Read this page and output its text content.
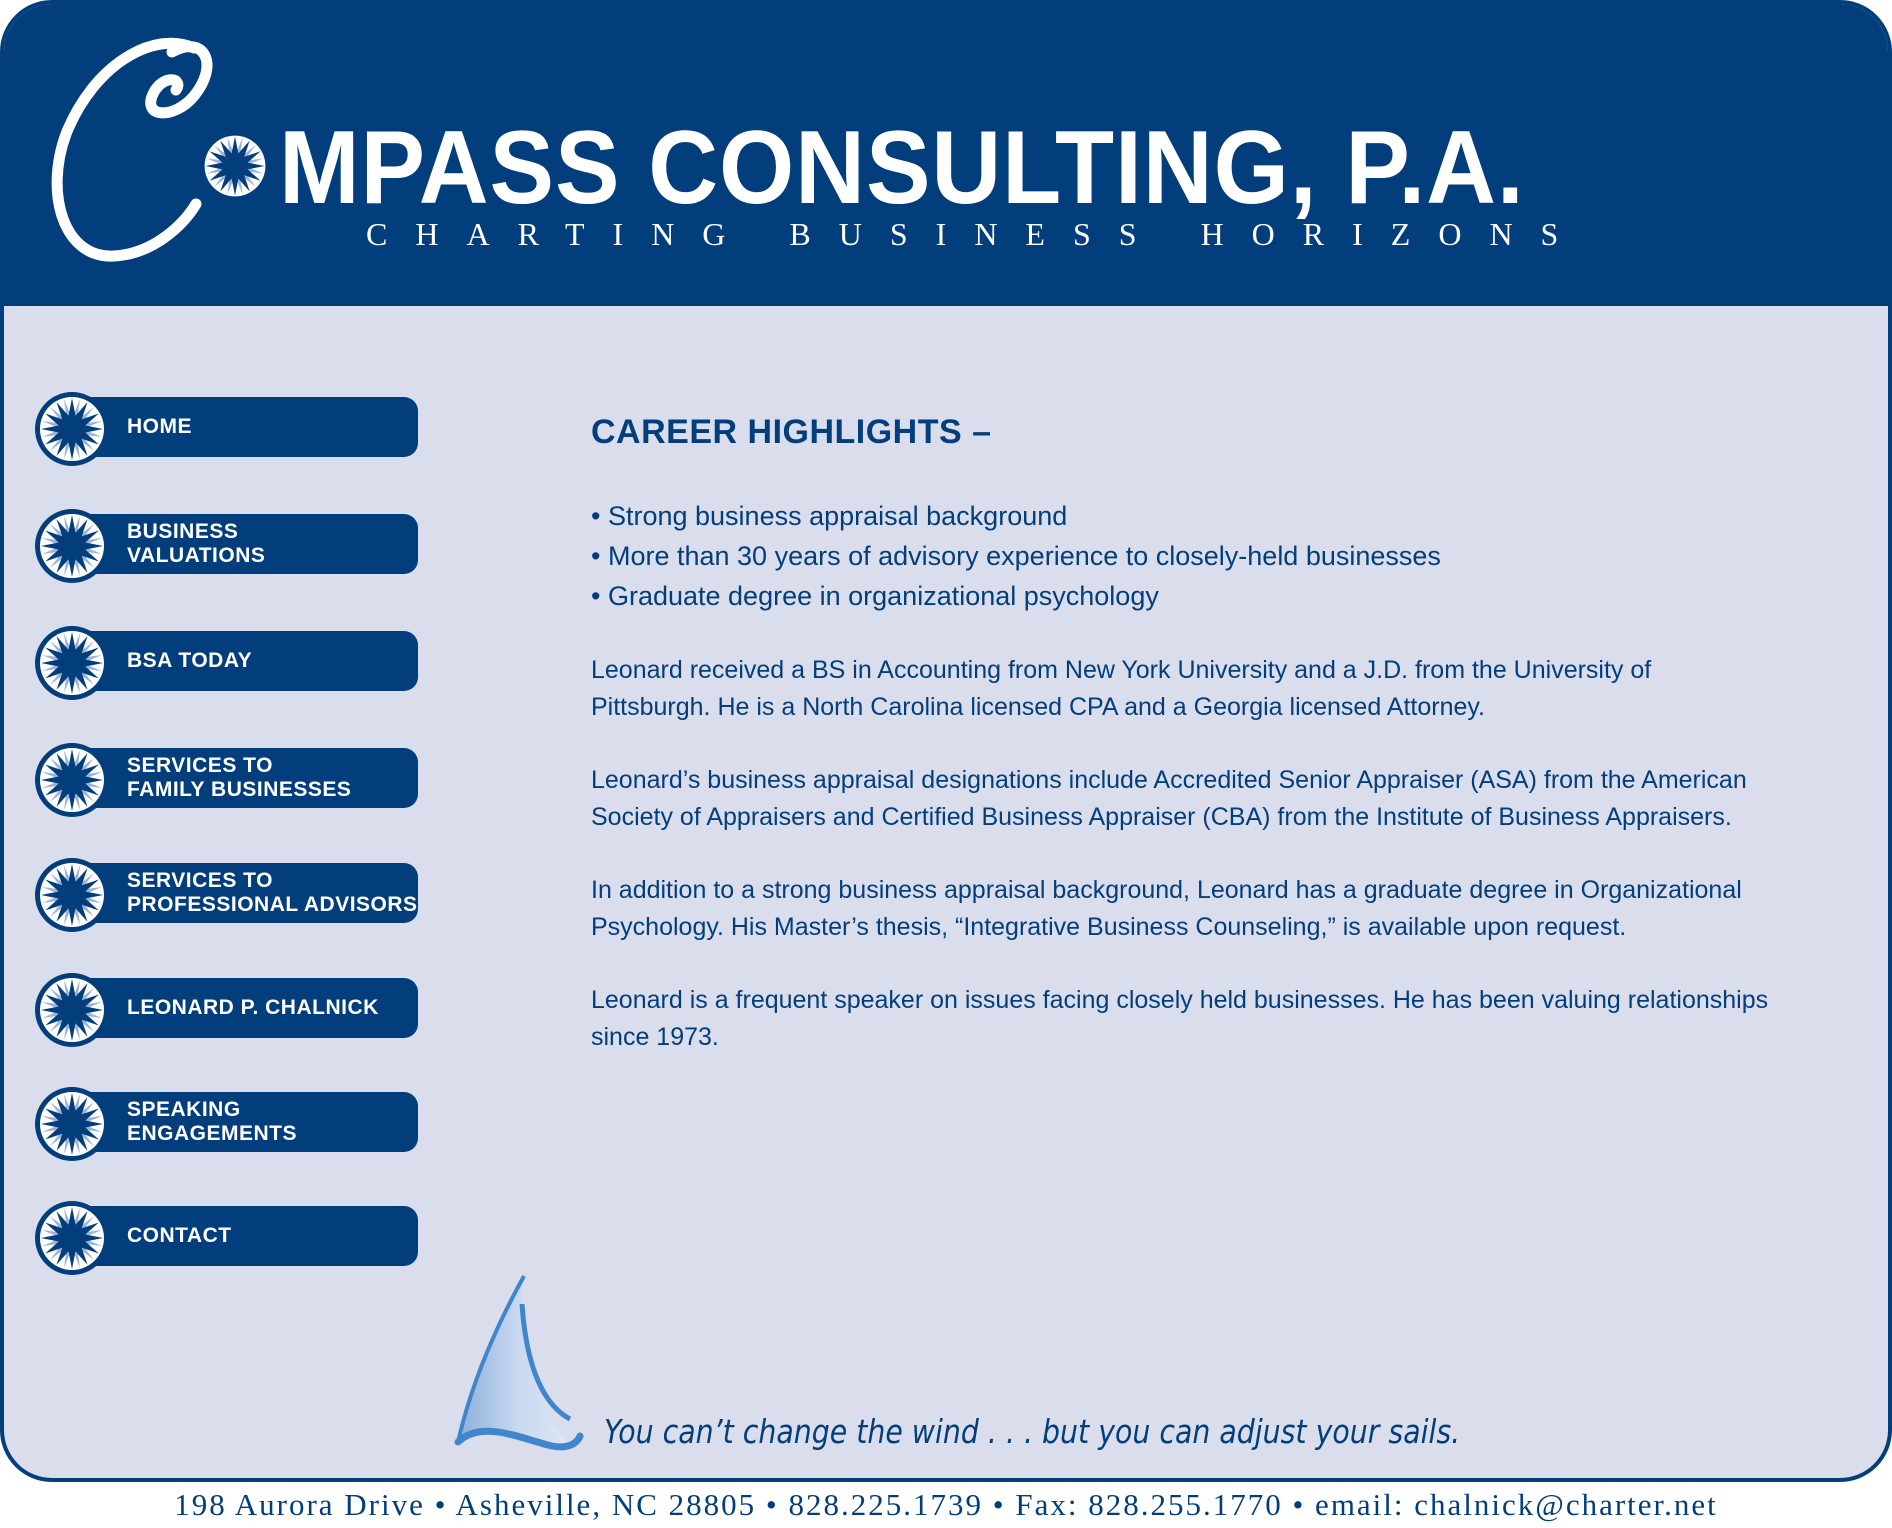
MPASS CONSULTING, P.A.
CHARTING BUSINESS HORIZONS
HOME
BUSINESS
VALUATIONS
BSA TODAY
SERVICES TO
FAMILY BUSINESSES
SERVICES TO
PROFESSIONAL ADVISORS
LEONARD P. CHALNICK
SPEAKING
ENGAGEMENTS
CONTACT
CAREER HIGHLIGHTS –
• Strong business appraisal background
• More than 30 years of advisory experience to closely-held businesses
• Graduate degree in organizational psychology

Leonard received a BS in Accounting from New York University and a J.D. from the University of Pittsburgh. He is a North Carolina licensed CPA and a Georgia licensed Attorney.

Leonard’s business appraisal designations include Accredited Senior Appraiser (ASA) from the American Society of Appraisers and Certified Business Appraiser (CBA) from the Institute of Business Appraisers.

In addition to a strong business appraisal background, Leonard has a graduate degree in Organizational Psychology. His Master’s thesis, “Integrative Business Counseling,” is available upon request.

Leonard is a frequent speaker on issues facing closely held businesses. He has been valuing relationships since 1973.

You can’t change the wind . . . but you can adjust your sails.
198 Aurora Drive • Asheville, NC 28805 • 828.225.1739 • Fax: 828.255.1770 • email: chalnick@charter.net
